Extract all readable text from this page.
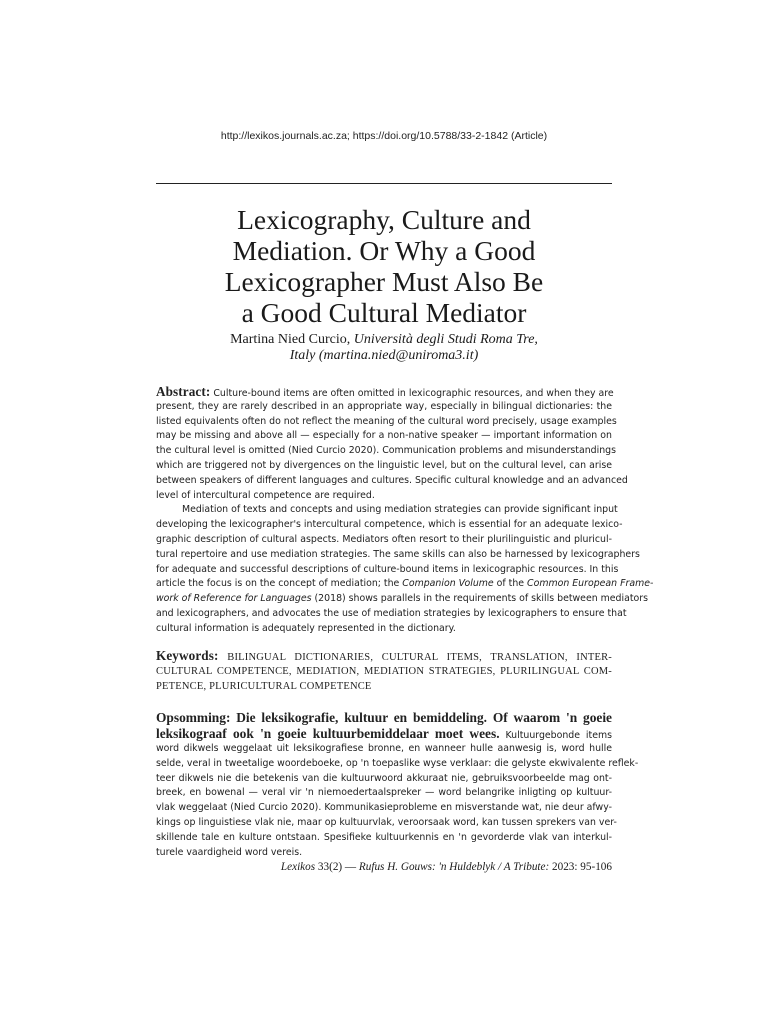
http://lexikos.journals.ac.za; https://doi.org/10.5788/33-2-1842 (Article)
Lexicography, Culture and
Mediation. Or Why a Good
Lexicographer Must Also Be
a Good Cultural Mediator
Martina Nied Curcio, Università degli Studi Roma Tre,
Italy (martina.nied@uniroma3.it)
Abstract: Culture-bound items are often omitted in lexicographic resources, and when they are
present, they are rarely described in an appropriate way, especially in bilingual dictionaries: the
listed equivalents often do not reflect the meaning of the cultural word precisely, usage examples
may be missing and above all — especially for a non-native speaker — important information on
the cultural level is omitted (Nied Curcio 2020). Communication problems and misunderstandings
which are triggered not by divergences on the linguistic level, but on the cultural level, can arise
between speakers of different languages and cultures. Specific cultural knowledge and an advanced
level of intercultural competence are required.
Mediation of texts and concepts and using mediation strategies can provide significant input
developing the lexicographer's intercultural competence, which is essential for an adequate lexico-
graphic description of cultural aspects. Mediators often resort to their plurilinguistic and pluricul-
tural repertoire and use mediation strategies. The same skills can also be harnessed by lexicographers
for adequate and successful descriptions of culture-bound items in lexicographic resources. In this
article the focus is on the concept of mediation; the Companion Volume of the Common European Frame-
work of Reference for Languages (2018) shows parallels in the requirements of skills between mediators
and lexicographers, and advocates the use of mediation strategies by lexicographers to ensure that
cultural information is adequately represented in the dictionary.
Keywords: BILINGUAL DICTIONARIES, CULTURAL ITEMS, TRANSLATION, INTER-
CULTURAL COMPETENCE, MEDIATION, MEDIATION STRATEGIES, PLURILINGUAL COM-
PETENCE, PLURICULTURAL COMPETENCE
Opsomming: Die leksikografie, kultuur en bemiddeling. Of waarom 'n goeie
leksikograaf ook 'n goeie kultuurbemiddelaar moet wees. Kultuurgebonde items
word dikwels weggelaat uit leksikografiese bronne, en wanneer hulle aanwesig is, word hulle
selde, veral in tweetalige woordeboeke, op 'n toepaslike wyse verklaar: die gelyste ekwivalente reflek-
teer dikwels nie die betekenis van die kultuurwoord akkuraat nie, gebruiksvoorbeelde mag ont-
breek, en bowenal — veral vir 'n niemoedertaalspreker — word belangrike inligting op kultuur-
vlak weggelaat (Nied Curcio 2020). Kommunikasieprobleme en misverstande wat, nie deur afwy-
kings op linguistiese vlak nie, maar op kultuurvlak, veroorsaak word, kan tussen sprekers van ver-
skillende tale en kulture ontstaan. Spesifieke kultuurkennis en 'n gevorderde vlak van interkul-
turele vaardigheid word vereis.
Lexikos 33(2) — Rufus H. Gouws: 'n Huldeblyk / A Tribute: 2023: 95-106
